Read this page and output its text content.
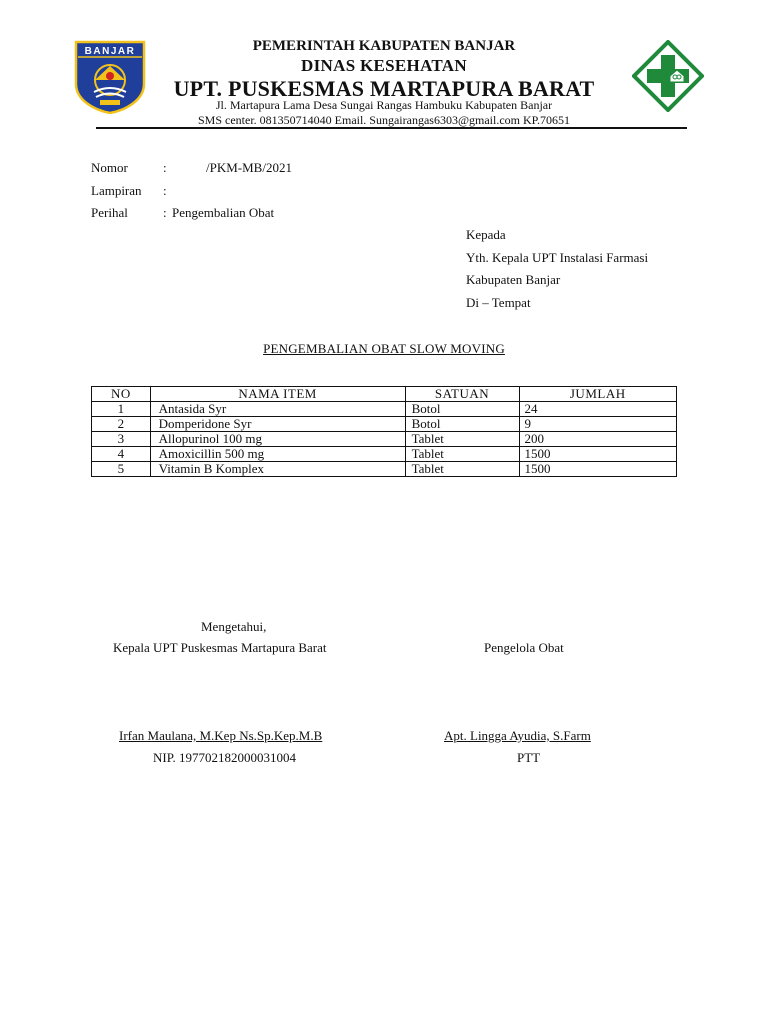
BANJAR	PEMERINTAH KABUPATEN BANJAR
DINAS KESEHATAN
UPT. PUSKESMAS MARTAPURA BARAT
Jl. Martapura Lama Desa Sungai Rangas Hambuku Kabupaten Banjar
SMS center. 081350714040 Email. Sungairangas6303@gmail.com KP.70651
Nomor	:	/PKM-MB/2021
Lampiran :
Perihal	: Pengembalian Obat
Kepada
Yth. Kepala UPT Instalasi Farmasi
Kabupaten Banjar
Di – Tempat
PENGEMBALIAN OBAT SLOW MOVING
NO	NAMA ITEM	SATUAN	JUMLAH
1	Antasida Syr	Botol	24
2	Domperidone Syr	Botol	9
3	Allopurinol 100 mg	Tablet	200
4	Amoxicillin 500 mg	Tablet	1500
5	Vitamin B Komplex	Tablet	1500
Mengetahui,
Kepala UPT Puskesmas Martapura Barat	Pengelola Obat
Irfan Maulana, M.Kep Ns.Sp.Kep.M.B	Apt. Lingga Ayudia, S.Farm
NIP. 197702182000031004	PTT
